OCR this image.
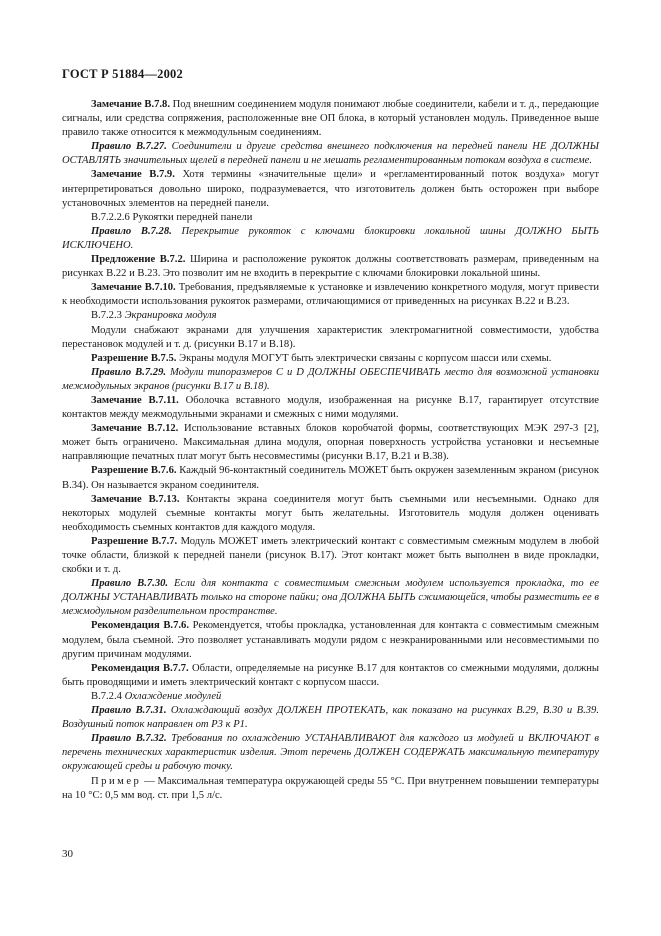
ГОСТ Р 51884—2002

Замечание В.7.8. Под внешним соединением модуля понимают любые соединители, кабели и т. д., передающие сигналы, или средства сопряжения, расположенные вне ОП блока, в который установлен модуль. Приведенное выше правило также относится к межмодульным соединениям.

Правило В.7.27. Соединители и другие средства внешнего подключения на передней панели НЕ ДОЛЖНЫ ОСТАВЛЯТЬ значительных щелей в передней панели и не мешать регламентированным потокам воздуха в системе.

Замечание В.7.9. Хотя термины «значительные щели» и «регламентированный поток воздуха» могут интерпретироваться довольно широко, подразумевается, что изготовитель должен быть осторожен при выборе установочных элементов на передней панели.

В.7.2.2.6 Рукоятки передней панели

Правило В.7.28. Перекрытие рукояток с ключами блокировки локальной шины ДОЛЖНО БЫТЬ ИСКЛЮЧЕНО.

Предложение В.7.2. Ширина и расположение рукояток должны соответствовать размерам, приведенным на рисунках В.22 и В.23. Это позволит им не входить в перекрытие с ключами блокировки локальной шины.

Замечание В.7.10. Требования, предъявляемые к установке и извлечению конкретного модуля, могут привести к необходимости использования рукояток размерами, отличающимися от приведенных на рисунках В.22 и В.23.

В.7.2.3 Экранировка модуля

Модули снабжают экранами для улучшения характеристик электромагнитной совместимости, удобства перестановок модулей и т. д. (рисунки В.17 и В.18).

Разрешение В.7.5. Экраны модуля МОГУТ быть электрически связаны с корпусом шасси или схемы.

Правило В.7.29. Модули типоразмеров С и D ДОЛЖНЫ ОБЕСПЕЧИВАТЬ место для возможной установки межмодульных экранов (рисунки В.17 и В.18).

Замечание В.7.11. Оболочка вставного модуля, изображенная на рисунке В.17, гарантирует отсутствие контактов между межмодульными экранами и смежных с ними модулями.

Замечание В.7.12. Использование вставных блоков коробчатой формы, соответствующих МЭК 297-3 [2], может быть ограничено. Максимальная длина модуля, опорная поверхность устройства установки и несъемные направляющие печатных плат могут быть несовместимы (рисунки В.17, В.21 и В.38).

Разрешение В.7.6. Каждый 96-контактный соединитель МОЖЕТ быть окружен заземленным экраном (рисунок В.34). Он называется экраном соединителя.

Замечание В.7.13. Контакты экрана соединителя могут быть съемными или несъемными. Однако для некоторых модулей съемные контакты могут быть желательны. Изготовитель модуля должен оценивать необходимость съемных контактов для каждого модуля.

Разрешение В.7.7. Модуль МОЖЕТ иметь электрический контакт с совместимым смежным модулем в любой точке области, близкой к передней панели (рисунок В.17). Этот контакт может быть выполнен в виде прокладки, скобки и т. д.

Правило В.7.30. Если для контакта с совместимым смежным модулем используется прокладка, то ее ДОЛЖНЫ УСТАНАВЛИВАТЬ только на стороне пайки; она ДОЛЖНА БЫТЬ сжимающейся, чтобы разместить ее в межмодульном разделительном пространстве.

Рекомендация В.7.6. Рекомендуется, чтобы прокладка, установленная для контакта с совместимым смежным модулем, была съемной. Это позволяет устанавливать модули рядом с неэкранированными или несовместимыми по другим причинам модулями.

Рекомендация В.7.7. Области, определяемые на рисунке В.17 для контактов со смежными модулями, должны быть проводящими и иметь электрический контакт с корпусом шасси.

В.7.2.4 Охлаждение модулей

Правило В.7.31. Охлаждающий воздух ДОЛЖЕН ПРОТЕКАТЬ, как показано на рисунках В.29, В.30 и В.39. Воздушный поток направлен от Р3 к Р1.

Правило В.7.32. Требования по охлаждению УСТАНАВЛИВАЮТ для каждого из модулей и ВКЛЮЧАЮТ в перечень технических характеристик изделия. Этот перечень ДОЛЖЕН СОДЕРЖАТЬ максимальную температуру окружающей среды и рабочую точку.

Пример — Максимальная температура окружающей среды 55 °С. При внутреннем повышении температуры на 10 °С: 0,5 мм вод. ст. при 1,5 л/с.

30
